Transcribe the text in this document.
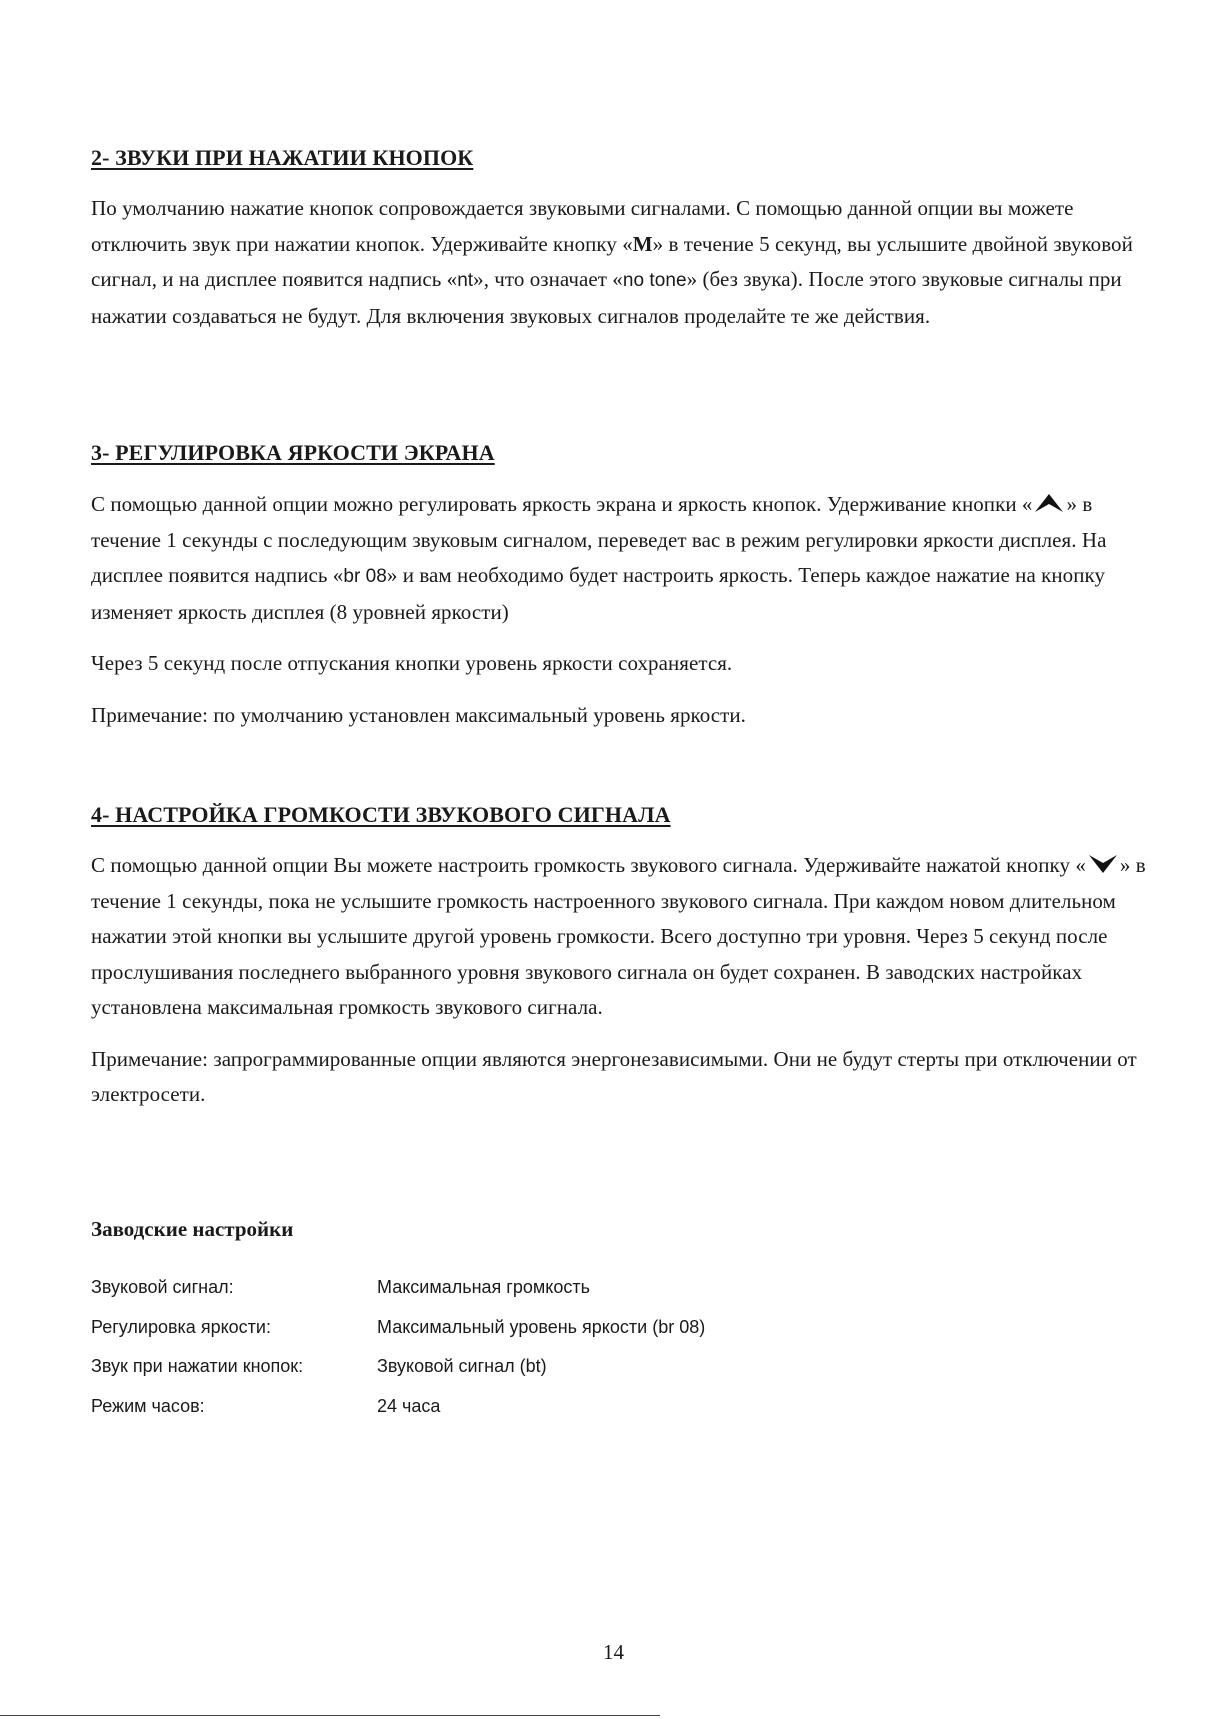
2- ЗВУКИ ПРИ НАЖАТИИ КНОПОК

По умолчанию нажатие кнопок сопровождается звуковыми сигналами. С помощью данной опции вы можете отключить звук при нажатии кнопок. Удерживайте кнопку «M» в течение 5 секунд, вы услышите двойной звуковой сигнал, и на дисплее появится надпись «nt», что означает «no tone» (без звука). После этого звуковые сигналы при нажатии создаваться не будут. Для включения звуковых сигналов проделайте те же действия.

3- РЕГУЛИРОВКА ЯРКОСТИ ЭКРАНА

С помощью данной опции можно регулировать яркость экрана и яркость кнопок. Удерживание кнопки « » в течение 1 секунды с последующим звуковым сигналом, переведет вас в режим регулировки яркости дисплея. На дисплее появится надпись «br 08» и вам необходимо будет настроить яркость. Теперь каждое нажатие на кнопку изменяет яркость дисплея (8 уровней яркости)

Через 5 секунд после отпускания кнопки уровень яркости сохраняется.

Примечание: по умолчанию установлен максимальный уровень яркости.

4- НАСТРОЙКА ГРОМКОСТИ ЗВУКОВОГО СИГНАЛА

С помощью данной опции Вы можете настроить громкость звукового сигнала. Удерживайте нажатой кнопку « » в течение 1 секунды, пока не услышите громкость настроенного звукового сигнала. При каждом новом длительном нажатии этой кнопки вы услышите другой уровень громкости. Всего доступно три уровня. Через 5 секунд после прослушивания последнего выбранного уровня звукового сигнала он будет сохранен. В заводских настройках установлена максимальная громкость звукового сигнала.

Примечание: запрограммированные опции являются энергонезависимыми. Они не будут стерты при отключении от электросети.

Заводские настройки
Звуковой сигнал:	Максимальная громкость
Регулировка яркости:	Максимальный уровень яркости (br 08)
Звук при нажатии кнопок:	Звуковой сигнал (bt)
Режим часов:	24 часа
14
